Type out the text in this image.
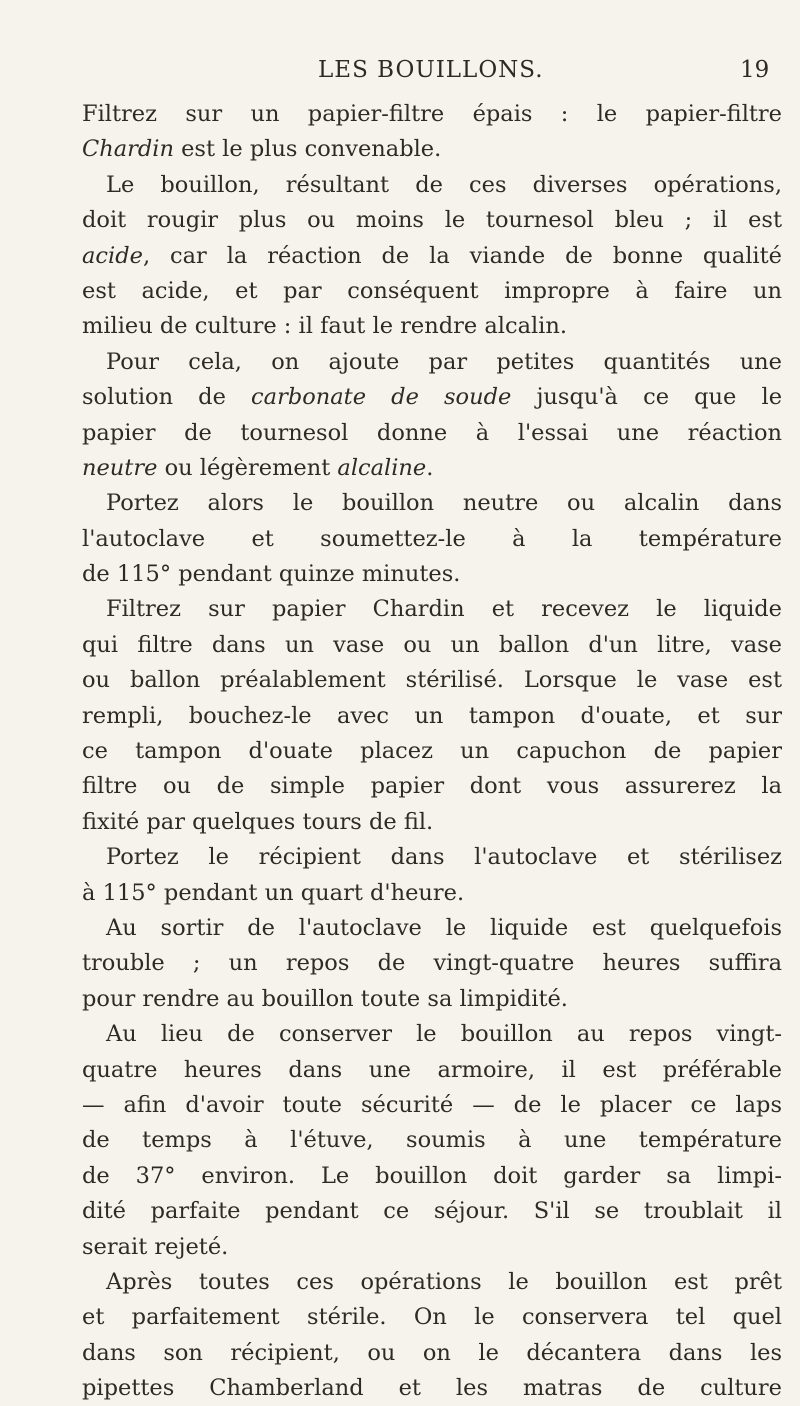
LES BOUILLONS.	19
Filtrez sur un papier-filtre épais : le papier-filtre
Chardin est le plus convenable.
Le bouillon, résultant de ces diverses opérations,
doit rougir plus ou moins le tournesol bleu ; il est
acide, car la réaction de la viande de bonne qualité
est acide, et par conséquent impropre à faire un
milieu de culture : il faut le rendre alcalin.
Pour cela, on ajoute par petites quantités une
solution de carbonate de soude jusqu'à ce que le
papier de tournesol donne à l'essai une réaction
neutre ou légèrement alcaline.
Portez alors le bouillon neutre ou alcalin dans
l'autoclave et soumettez-le à la température
de 115° pendant quinze minutes.
Filtrez sur papier Chardin et recevez le liquide
qui filtre dans un vase ou un ballon d'un litre, vase
ou ballon préalablement stérilisé. Lorsque le vase est
rempli, bouchez-le avec un tampon d'ouate, et sur
ce tampon d'ouate placez un capuchon de papier
filtre ou de simple papier dont vous assurerez la
fixité par quelques tours de fil.
Portez le récipient dans l'autoclave et stérilisez
à 115° pendant un quart d'heure.
Au sortir de l'autoclave le liquide est quelquefois
trouble ; un repos de vingt-quatre heures suffira
pour rendre au bouillon toute sa limpidité.
Au lieu de conserver le bouillon au repos vingt-
quatre heures dans une armoire, il est préférable
— afin d'avoir toute sécurité — de le placer ce laps
de temps à l'étuve, soumis à une température
de 37° environ. Le bouillon doit garder sa limpi-
dité parfaite pendant ce séjour. S'il se troublait il
serait rejeté.
Après toutes ces opérations le bouillon est prêt
et parfaitement stérile. On le conservera tel quel
dans son récipient, ou on le décantera dans les
pipettes Chamberland et les matras de culture
